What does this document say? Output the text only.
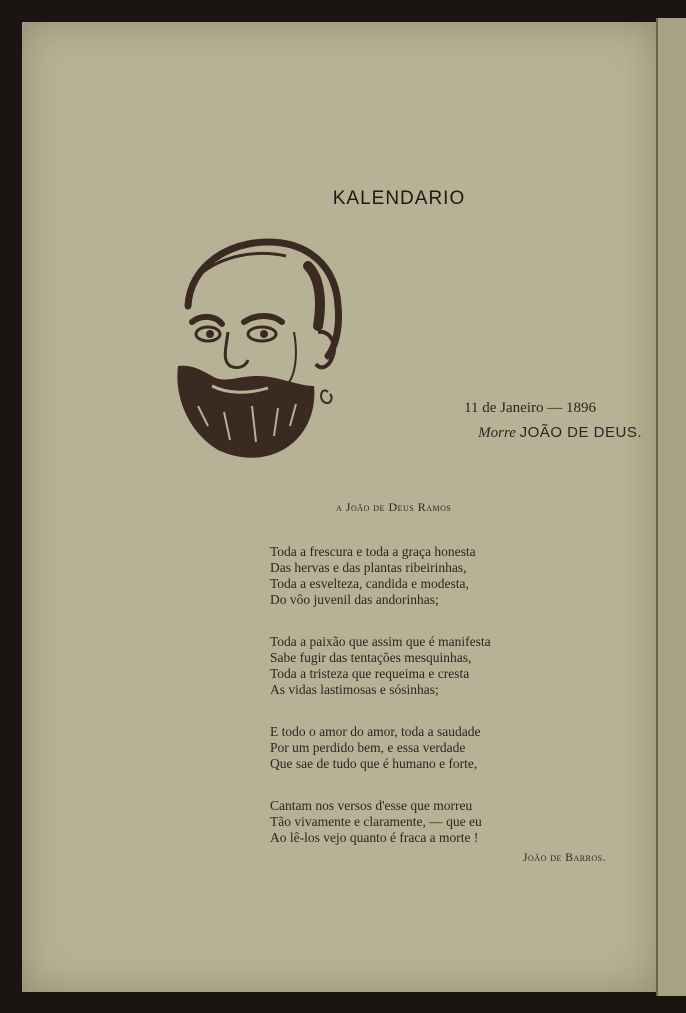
KALENDARIO
11 de Janeiro — 1896
Morre JOÃO DE DEUS.
a João de Deus Ramos
Toda a frescura e toda a graça honesta
Das hervas e das plantas ribeirinhas,
Toda a esvelteza, candida e modesta,
Do vôo juvenil das andorinhas;
Toda a paixão que assim que é manifesta
Sabe fugir das tentações mesquinhas,
Toda a tristeza que requeima e cresta
As vidas lastimosas e sósinhas;
E todo o amor do amor, toda a saudade
Por um perdido bem, e essa verdade
Que sae de tudo que é humano e forte,
Cantam nos versos d'esse que morreu
Tão vivamente e claramente, — que eu
Ao lê-los vejo quanto é fraca a morte !
João de Barros.
